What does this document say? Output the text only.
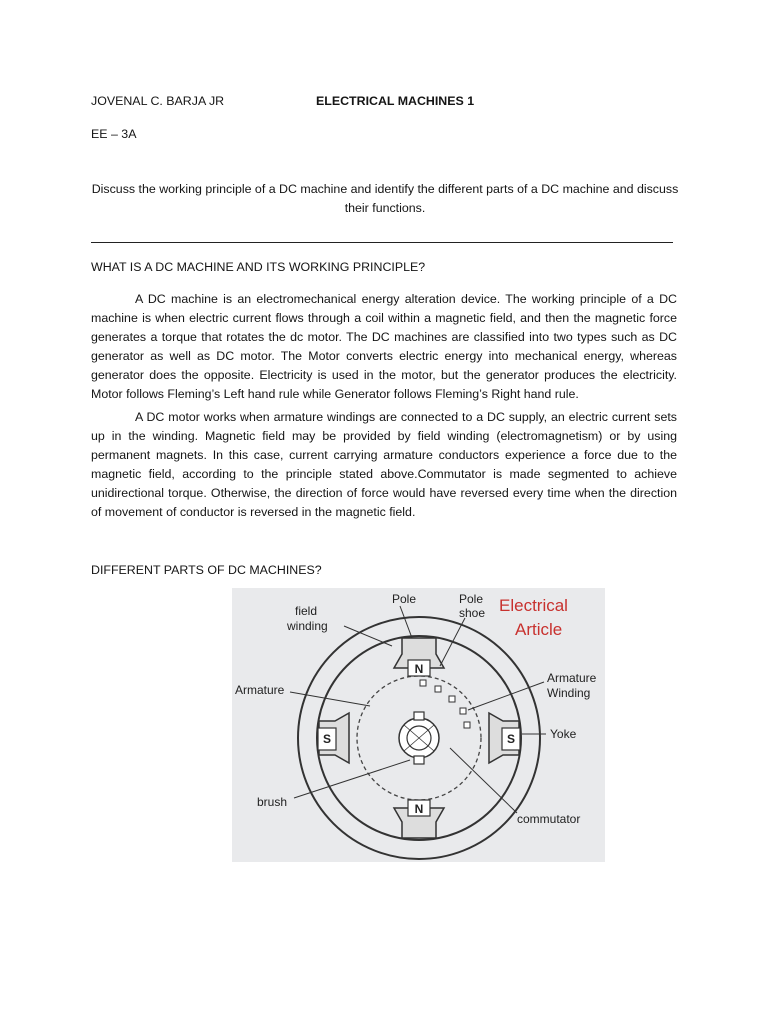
JOVENAL C. BARJA JR	ELECTRICAL MACHINES 1
EE – 3A
Discuss the working principle of a DC machine and identify the different parts of a DC machine and discuss their functions.
WHAT IS A DC MACHINE AND ITS WORKING PRINCIPLE?
A DC machine is an electromechanical energy alteration device. The working principle of a DC machine is when electric current flows through a coil within a magnetic field, and then the magnetic force generates a torque that rotates the dc motor. The DC machines are classified into two types such as DC generator as well as DC motor. The Motor converts electric energy into mechanical energy, whereas generator does the opposite. Electricity is used in the motor, but the generator produces the electricity. Motor follows Fleming’s Left hand rule while Generator follows Fleming’s Right hand rule.
A DC motor works when armature windings are connected to a DC supply, an electric current sets up in the winding. Magnetic field may be provided by field winding (electromagnetism) or by using permanent magnets. In this case, current carrying armature conductors experience a force due to the magnetic field, according to the principle stated above.Commutator is made segmented to achieve unidirectional torque. Otherwise, the direction of force would have reversed every time when the direction of movement of conductor is reversed in the magnetic field.
DIFFERENT PARTS OF DC MACHINES?
N
N
S	S
Pole	Pole
shoe
field
winding
Armature
Armature
Winding
Yoke
brush
commutator
Electrical
Article
